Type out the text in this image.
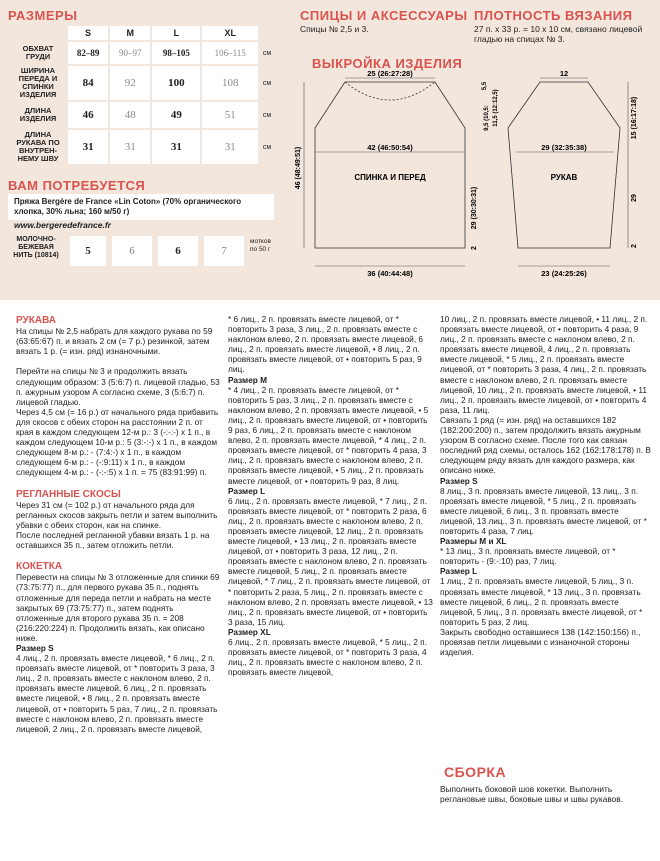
РАЗМЕРЫ
	S	M	L	XL	
ОБХВАТ ГРУДИ	82–89	90–97	98–105	106–115	см
ШИРИНА ПЕРЕДА И СПИНКИ ИЗДЕЛИЯ	84	92	100	108	см
ДЛИНА ИЗДЕЛИЯ	46	48	49	51	см
ДЛИНА РУКАВА ПО ВНУТРЕН-НЕМУ ШВУ	31	31	31	31	см
ВАМ ПОТРЕБУЕТСЯ
Пряжа Bergère de France «Lin Coton» (70% органического хлопка, 30% льна; 160 м/50 г)
www.bergeredefrance.fr
МОЛОЧНО-БЕЖЕВАЯ НИТЬ (10814)	5	6	6	7
мотков по 50 г
СПИЦЫ И АКСЕССУАРЫ
Спицы № 2,5 и 3.
ПЛОТНОСТЬ ВЯЗАНИЯ
27 п. x 33 р. = 10 x 10 см, связано лицевой гладью на спицах № 3.
ВЫКРОЙКА ИЗДЕЛИЯ
25 (26:27:28)
42 (46:50:54)
СПИНКА И ПЕРЕД
36 (40:44:48)
46 (48:49:51)
29 (30:30:31)
11,5 (12:12,5)
9,5 (10,5:
5,5
2
12
29 (32:35:38)
РУКАВ
23 (24:25:26)
15 (16:17:18)
29
2

РУКАВА

На спицы № 2,5 набрать для каждого рукава по 59 (63:65:67) п. и вязать 2 см (= 7 р.) резинкой, затем вязать 1 р. (= изн. ряд) изнаночными.

Перейти на спицы № 3 и продолжить вязать следующим образом: 3 (5:6:7) п. лицевой гладью, 53 п. ажурным узором А согласно схеме, 3 (5:6:7) п. лицевой гладью.

Через 4,5 см (= 16 р.) от начального ряда прибавить для скосов с обеих сторон на расстоянии 2 п. от края в каждом следующем 12-м р.: 3 (-:-:-) х 1 п., в каждом следующем 10-м р.: 5 (3:-:-) х 1 п., в каждом следующем 8-м р.: - (7:4:-) х 1 п., в каждом следующем 6-м р.: - (-:9:11) х 1 п., в каждом следующем 4-м р.: - (-:-:5) х 1 п. = 75 (83:91:99) п.

РЕГЛАННЫЕ СКОСЫ

Через 31 см (= 102 р.) от начального ряда для регланных скосов закрыть петли и затем выполнить убавки с обеих сторон, как на спинке.

После последней регланной убавки вязать 1 р. на оставшихся 35 п., затем отложить петли.

КОКЕТКА

Перевести на спицы № 3 отложенные для спинки 69 (73:75:77) п., для первого рукава 35 п., поднять отложенные для переда петли и набрать на месте закрытых 69 (73:75:77) п., затем поднять отложенные для второго рукава 35 п. = 208 (216:220:224) п. Продолжить вязать, как описано ниже.

Размер S

4 лиц., 2 п. провязать вместе лицевой, * 6 лиц., 2 п. провязать вместе лицевой, от * повторить 3 раза, 3 лиц., 2 п. провязать вместе с наклоном влево, 2 п. провязать вместе лицевой, 6 лиц., 2 п. провязать вместе лицевой, • 8 лиц., 2 п. провязать вместе лицевой, от • повторить 5 раз, 7 лиц., 2 п. провязать вместе с наклоном влево, 2 п. провязать вместе лицевой, 2 лиц., 2 п. провязать вместе лицевой,

* 6 лиц., 2 п. провязать вместе лицевой, от * повторить 3 раза, 3 лиц., 2 п. провязать вместе с наклоном влево, 2 п. провязать вместе лицевой, 6 лиц., 2 п. провязать вместе лицевой, • 8 лиц., 2 п. провязать вместе лицевой, от • повторить 5 раз, 9 лиц.

Размер M

* 4 лиц., 2 п. провязать вместе лицевой, от * повторить 5 раз, 3 лиц., 2 п. провязать вместе с наклоном влево, 2 п. провязать вместе лицевой, • 5 лиц., 2 п. провязать вместе лицевой, от • повторить 9 раз, 6 лиц., 2 п. провязать вместе с наклоном влево, 2 п. провязать вместе лицевой, * 4 лиц., 2 п. провязать вместе лицевой, от * повторить 4 раза, 3 лиц., 2 п. провязать вместе с наклоном влево, 2 п. провязать вместе лицевой, • 5 лиц., 2 п. провязать вместе лицевой, от • повторить 9 раз, 8 лиц.

Размер L

6 лиц., 2 п. провязать вместе лицевой, * 7 лиц., 2 п. провязать вместе лицевой, от * повторить 2 раза, 6 лиц., 2 п. провязать вместе с наклоном влево, 2 п. провязать вместе лицевой, 12 лиц., 2 п. провязать вместе лицевой, • 13 лиц., 2 п. провязать вместе лицевой, от • повторить 3 раза, 12 лиц., 2 п. провязать вместе с наклоном влево, 2 п. провязать вместе лицевой, 5 лиц., 2 п. провязать вместе лицевой, * 7 лиц., 2 п. провязать вместе лицевой, от * повторить 2 раза, 5 лиц., 2 п. провязать вместе с наклоном влево, 2 п. провязать вместе лицевой, • 13 лиц., 2 п. провязать вместе лицевой, от • повторить 3 раза, 15 лиц.

Размер XL

6 лиц., 2 п. провязать вместе лицевой, * 5 лиц., 2 п. провязать вместе лицевой, от * повторить 3 раза, 4 лиц., 2 п. провязать вместе с наклоном влево, 2 п. провязать вместе лицевой,

10 лиц., 2 п. провязать вместе лицевой, • 11 лиц., 2 п. провязать вместе лицевой, от • повторить 4 раза, 9 лиц., 2 п. провязать вместе с наклоном влево, 2 п. провязать вместе лицевой, 4 лиц., 2 п. провязать вместе лицевой, * 5 лиц., 2 п. провязать вместе лицевой, от * повторить 3 раза, 4 лиц., 2 п. провязать вместе с наклоном влево, 2 п. провязать вместе лицевой, 10 лиц., 2 п. провязать вместе лицевой, • 11 лиц., 2 п. провязать вместе лицевой, от • повторить 4 раза, 11 лиц.

Связать 1 ряд (= изн. ряд) на оставшихся 182 (182:200:200) п., затем продолжить вязать ажурным узором В согласно схеме. После того как связан последний ряд схемы, осталось 162 (162:178:178) п. В следующем ряду вязать для каждого размера, как описано ниже.

Размер S

8 лиц., 3 п. провязать вместе лицевой, 13 лиц., 3 п. провязать вместе лицевой, * 5 лиц., 2 п. провязать вместе лицевой, 6 лиц., 3 п. провязать вместе лицевой, 13 лиц., 3 п. провязать вместе лицевой, от * повторить 4 раза, 7 лиц.

Размеры M и XL

* 13 лиц., 3 п. провязать вместе лицевой, от * повторить - (9:-:10) раз, 7 лиц.

Размер L

1 лиц., 2 п. провязать вместе лицевой, 5 лиц., 3 п. провязать вместе лицевой, * 13 лиц., 3 п. провязать вместе лицевой, 6 лиц., 2 п. провязать вместе лицевой, 5 лиц., 3 п. провязать вместе лицевой, от * повторить 5 раз, 2 лиц.

Закрыть свободно оставшиеся 138 (142:150:156) п., провязав петли лицевыми с изнаночной стороны изделия.

СБОРКА
Выполнить боковой шов кокетки. Выполнить реглановые швы, боковые швы и швы рукавов.
